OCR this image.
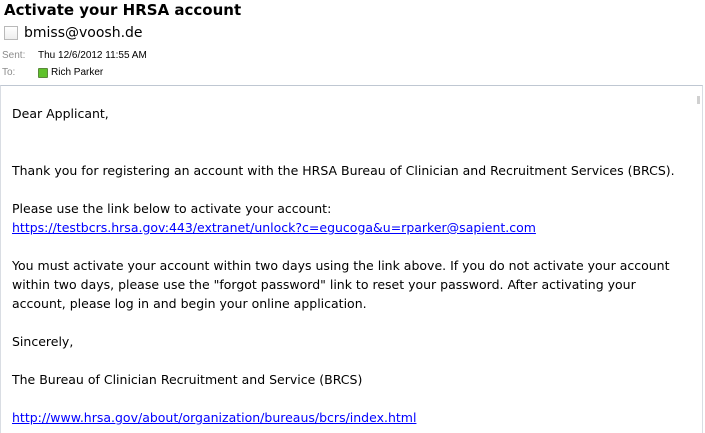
Activate your HRSA account
bmiss@voosh.de
Sent: Thu 12/6/2012 11:55 AM
To:	Rich Parker

Dear Applicant,

Thank you for registering an account with the HRSA Bureau of Clinician and Recruitment Services (BRCS).

Please use the link below to activate your account:

https://testbcrs.hrsa.gov:443/extranet/unlock?c=egucoga&u=rparker@sapient.com

You must activate your account within two days using the link above. If you do not activate your account within two days, please use the "forgot password" link to reset your password. After activating your account, please log in and begin your online application.

Sincerely,

The Bureau of Clinician Recruitment and Service (BRCS)

http://www.hrsa.gov/about/organization/bureaus/bcrs/index.html
